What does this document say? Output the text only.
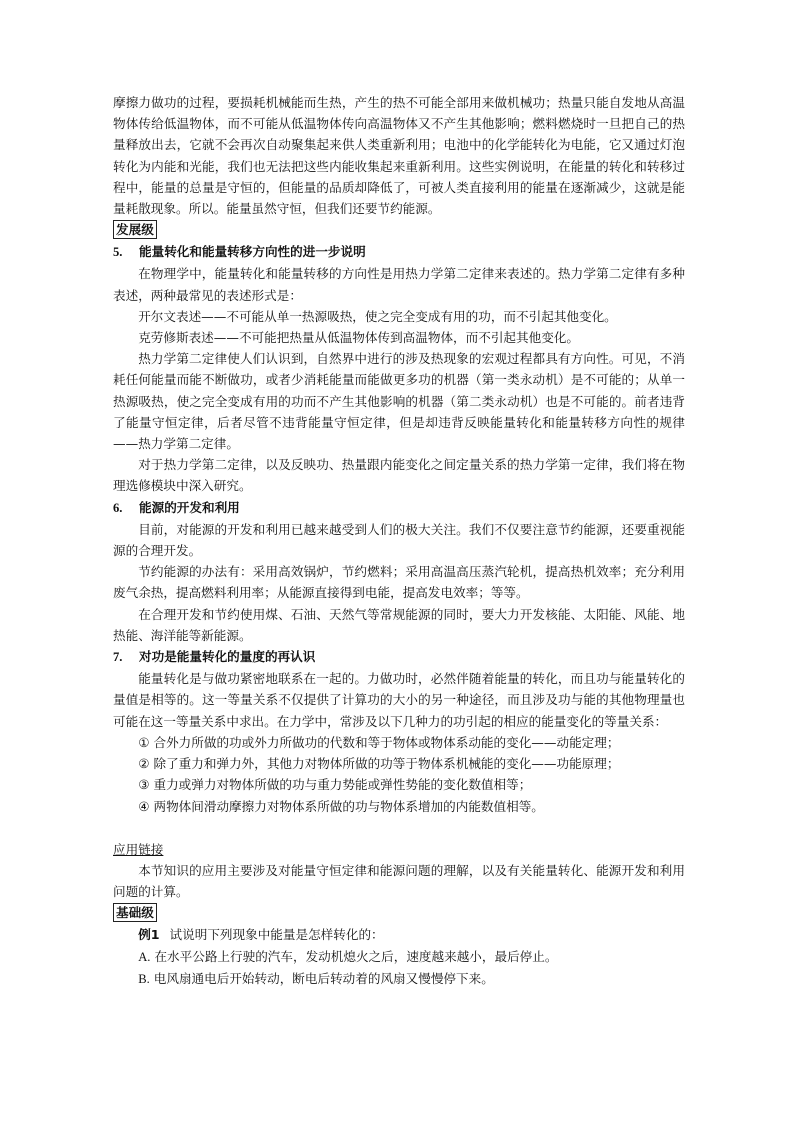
摩擦力做功的过程，要损耗机械能而生热，产生的热不可能全部用来做机械功；热量只能自发地从高温物体传给低温物体，而不可能从低温物体传向高温物体又不产生其他影响；燃料燃烧时一旦把自己的热量释放出去，它就不会再次自动聚集起来供人类重新利用；电池中的化学能转化为电能，它又通过灯泡转化为内能和光能，我们也无法把这些内能收集起来重新利用。这些实例说明，在能量的转化和转移过程中，能量的总量是守恒的，但能量的品质却降低了，可被人类直接利用的能量在逐渐减少，这就是能量耗散现象。所以。能量虽然守恒，但我们还要节约能源。

发展级

5. 能量转化和能量转移方向性的进一步说明

在物理学中，能量转化和能量转移的方向性是用热力学第二定律来表述的。热力学第二定律有多种表述，两种最常见的表述形式是：

开尔文表述——不可能从单一热源吸热，使之完全变成有用的功，而不引起其他变化。

克劳修斯表述——不可能把热量从低温物体传到高温物体，而不引起其他变化。

热力学第二定律使人们认识到，自然界中进行的涉及热现象的宏观过程都具有方向性。可见，不消耗任何能量而能不断做功，或者少消耗能量而能做更多功的机器（第一类永动机）是不可能的；从单一热源吸热，使之完全变成有用的功而不产生其他影响的机器（第二类永动机）也是不可能的。前者违背了能量守恒定律，后者尽管不违背能量守恒定律，但是却违背反映能量转化和能量转移方向性的规律——热力学第二定律。

对于热力学第二定律，以及反映功、热量跟内能变化之间定量关系的热力学第一定律，我们将在物理选修模块中深入研究。

6. 能源的开发和利用

目前，对能源的开发和利用已越来越受到人们的极大关注。我们不仅要注意节约能源，还要重视能源的合理开发。

节约能源的办法有：采用高效锅炉，节约燃料；采用高温高压蒸汽轮机，提高热机效率；充分利用废气余热，提高燃料利用率；从能源直接得到电能，提高发电效率；等等。

在合理开发和节约使用煤、石油、天然气等常规能源的同时，要大力开发核能、太阳能、风能、地热能、海洋能等新能源。

7. 对功是能量转化的量度的再认识

能量转化是与做功紧密地联系在一起的。力做功时，必然伴随着能量的转化，而且功与能量转化的量值是相等的。这一等量关系不仅提供了计算功的大小的另一种途径，而且涉及功与能的其他物理量也可能在这一等量关系中求出。在力学中，常涉及以下几种力的功引起的相应的能量变化的等量关系：

① 合外力所做的功或外力所做功的代数和等于物体或物体系动能的变化——动能定理；

② 除了重力和弹力外，其他力对物体所做的功等于物体系机械能的变化——功能原理；

③ 重力或弹力对物体所做的功与重力势能或弹性势能的变化数值相等；

④ 两物体间滑动摩擦力对物体系所做的功与物体系增加的内能数值相等。

应用链接

本节知识的应用主要涉及对能量守恒定律和能源问题的理解，以及有关能量转化、能源开发和利用问题的计算。

基础级

例1 试说明下列现象中能量是怎样转化的：

A. 在水平公路上行驶的汽车，发动机熄火之后，速度越来越小，最后停止。

B. 电风扇通电后开始转动，断电后转动着的风扇又慢慢停下来。
